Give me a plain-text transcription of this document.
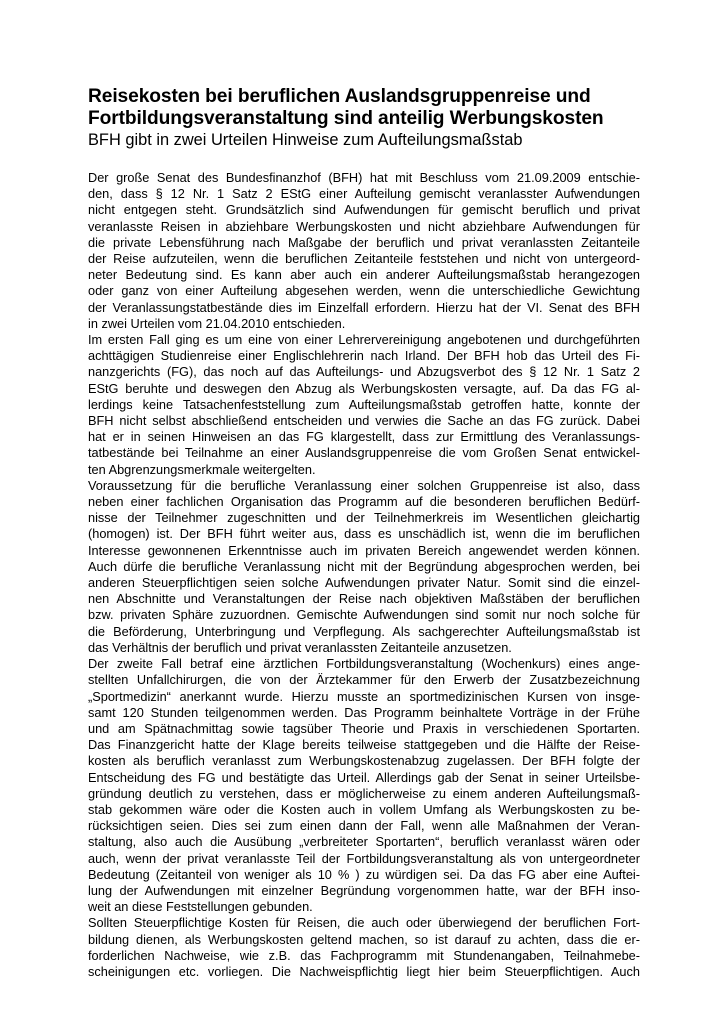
Reisekosten bei beruflichen Auslandsgruppenreise und
Fortbildungsveranstaltung sind anteilig Werbungskosten
BFH gibt in zwei Urteilen Hinweise zum Aufteilungsmaßstab
Der große Senat des Bundesfinanzhof (BFH) hat mit Beschluss vom 21.09.2009 entschie-
den, dass § 12 Nr. 1 Satz 2 EStG einer Aufteilung gemischt veranlasster Aufwendungen
nicht entgegen steht. Grundsätzlich sind Aufwendungen für gemischt beruflich und privat
veranlasste Reisen in abziehbare Werbungskosten und nicht abziehbare Aufwendungen für
die private Lebensführung nach Maßgabe der beruflich und privat veranlassten Zeitanteile
der Reise aufzuteilen, wenn die beruflichen Zeitanteile feststehen und nicht von untergeord-
neter Bedeutung sind. Es kann aber auch ein anderer Aufteilungsmaßstab herangezogen
oder ganz von einer Aufteilung abgesehen werden, wenn die unterschiedliche Gewichtung
der Veranlassungstatbestände dies im Einzelfall erfordern. Hierzu hat der VI. Senat des BFH
in zwei Urteilen vom 21.04.2010 entschieden.
Im ersten Fall ging es um eine von einer Lehrervereinigung angebotenen und durchgeführten
achttägigen Studienreise einer Englischlehrerin nach Irland. Der BFH hob das Urteil des Fi-
nanzgerichts (FG), das noch auf das Aufteilungs- und Abzugsverbot des § 12 Nr. 1 Satz 2
EStG beruhte und deswegen den Abzug als Werbungskosten versagte, auf. Da das FG al-
lerdings keine Tatsachenfeststellung zum Aufteilungsmaßstab getroffen hatte, konnte der
BFH nicht selbst abschließend entscheiden und verwies die Sache an das FG zurück. Dabei
hat er in seinen Hinweisen an das FG klargestellt, dass zur Ermittlung des Veranlassungs-
tatbestände bei Teilnahme an einer Auslandsgruppenreise die vom Großen Senat entwickel-
ten Abgrenzungsmerkmale weitergelten.
Voraussetzung für die berufliche Veranlassung einer solchen Gruppenreise ist also, dass
neben einer fachlichen Organisation das Programm auf die besonderen beruflichen Bedürf-
nisse der Teilnehmer zugeschnitten und der Teilnehmerkreis im Wesentlichen gleichartig
(homogen) ist. Der BFH führt weiter aus, dass es unschädlich ist, wenn die im beruflichen
Interesse gewonnenen Erkenntnisse auch im privaten Bereich angewendet werden können.
Auch dürfe die berufliche Veranlassung nicht mit der Begründung abgesprochen werden, bei
anderen Steuerpflichtigen seien solche Aufwendungen privater Natur. Somit sind die einzel-
nen Abschnitte und Veranstaltungen der Reise nach objektiven Maßstäben der beruflichen
bzw. privaten Sphäre zuzuordnen. Gemischte Aufwendungen sind somit nur noch solche für
die Beförderung, Unterbringung und Verpflegung. Als sachgerechter Aufteilungsmaßstab ist
das Verhältnis der beruflich und privat veranlassten Zeitanteile anzusetzen.
Der zweite Fall betraf eine ärztlichen Fortbildungsveranstaltung (Wochenkurs) eines ange-
stellten Unfallchirurgen, die von der Ärztekammer für den Erwerb der Zusatzbezeichnung
„Sportmedizin“ anerkannt wurde. Hierzu musste an sportmedizinischen Kursen von insge-
samt 120 Stunden teilgenommen werden. Das Programm beinhaltete Vorträge in der Frühe
und am Spätnachmittag sowie tagsüber Theorie und Praxis in verschiedenen Sportarten.
Das Finanzgericht hatte der Klage bereits teilweise stattgegeben und die Hälfte der Reise-
kosten als beruflich veranlasst zum Werbungskostenabzug zugelassen. Der BFH folgte der
Entscheidung des FG und bestätigte das Urteil. Allerdings gab der Senat in seiner Urteilsbe-
gründung deutlich zu verstehen, dass er möglicherweise zu einem anderen Aufteilungsmaß-
stab gekommen wäre oder die Kosten auch in vollem Umfang als Werbungskosten zu be-
rücksichtigen seien. Dies sei zum einen dann der Fall, wenn alle Maßnahmen der Veran-
staltung, also auch die Ausübung „verbreiteter Sportarten“, beruflich veranlasst wären oder
auch, wenn der privat veranlasste Teil der Fortbildungsveranstaltung als von untergeordneter
Bedeutung (Zeitanteil von weniger als 10 % ) zu würdigen sei. Da das FG aber eine Auftei-
lung der Aufwendungen mit einzelner Begründung vorgenommen hatte, war der BFH inso-
weit an diese Feststellungen gebunden.
Sollten Steuerpflichtige Kosten für Reisen, die auch oder überwiegend der beruflichen Fort-
bildung dienen, als Werbungskosten geltend machen, so ist darauf zu achten, dass die er-
forderlichen Nachweise, wie z.B. das Fachprogramm mit Stundenangaben, Teilnahmebe-
scheinigungen etc. vorliegen. Die Nachweispflichtig liegt hier beim Steuerpflichtigen. Auch
